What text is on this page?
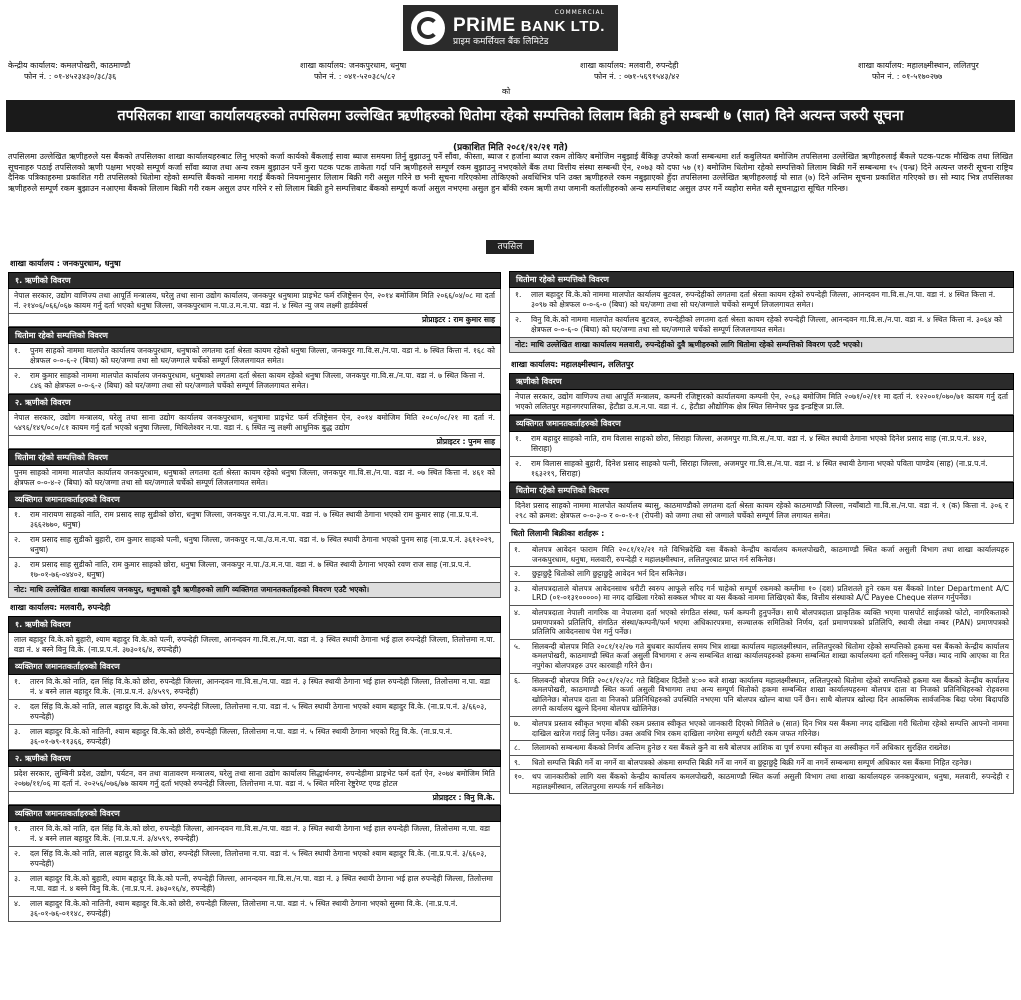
COMMERCIAL
PRiME BANK LTD.
प्राइम कमर्सियल बैंक लिमिटेड
केन्द्रीय कार्यालय: कमलपोखरी, काठमाण्डौ
फोन नं. : ०१-४५२३४३०/३८/३६
शाखा कार्यालय: जनकपुरधाम, धनुषा
फोन नं. : ०४१-५२०३८५/८२
शाखा कार्यालय: मलवारी, रुपन्देही
फोन नं. : ०७१-५६९१५४३/४२
शाखा कार्यालय: महालक्ष्मीस्थान, ललितपुर
फोन नं. : ०१-५१७०२७७
को
तपसिलका शाखा कार्यालयहरुको तपसिलमा उल्लेखित ऋणीहरुको धितोमा रहेको सम्पत्तिको लिलाम बिक्री हुने सम्बन्धी ७ (सात) दिने अत्यन्त जरुरी सूचना
(प्रकाशित मिति २०८१/१२/२१ गते)
तपसिलमा उल्लेखित ऋणीहरुले यस बैंकको तपसिलका शाखा कार्यालयहरुबाट लिनु भएको कर्जा कार्यको बैंकलाई सावा ब्याज समयमा तिर्नु बुझाउनु पर्ने सौंवा, कीस्ता, ब्याज र हर्जाना ब्याज रकम तोकिए बमोजिम नबुझाई बैंकिङ्ग उपरेको कर्जा सम्बन्धमा शर्त कबुलियत बमोजिम तपसिलमा उल्लेखित ऋणीहरुलाई बैंकले पटक-पटक मौखिक तथा लिखित सूचनाहरु पठाई तपसिलको ऋणी पक्षमा भएको सम्पूर्ण कर्जा साँवा ब्याज तथा अन्य रकम बुझाउन पर्ने कुरा पटक पटक ताकेता गर्दा पनि ऋणीहरुले सम्पूर्ण रकम बुझाउनु नभएकोले बैंक तथा वित्तीय संस्था सम्बन्धी ऐन, २०७३ को दफा ५७ (१) बमोजिम धितोमा रहेको सम्पत्तिको लिलाम बिक्री गर्ने सम्बन्धमा १५ (पन्ध्र) दिने अत्यन्त जरुरी सूचना राष्ट्रिय दैनिक पत्रिकाहरुमा प्रकाशित गरी तपसिलको धितोमा रहेको सम्पत्ति बैंकको नाममा गराई बैंकको नियमानुसार लिलाम बिक्री गरी असुल गरिने छ भनी सूचना गरिएकोमा तोकिएको अवधिभित्र पनि उक्त ऋणीहरुले रकम नबुझाएको हुँदा तपसिलमा उल्लेखित ऋणीहरुलाई यो सात (७) दिने अन्तिम सूचना प्रकाशित गरिएको छ। सो म्याद भित्र तपसिलका ऋणीहरुले सम्पूर्ण रकम बुझाउन नआएमा बैंकको लिलाम बिक्री गरी रकम असुल उपर गरिने र सो लिलाम बिक्री हुने सम्पत्तिबाट बैंकको सम्पूर्ण कर्जा असुल नभएमा असुल हुन बाँकी रकम ऋणी तथा जमानी कर्तालीहरुको अन्य सम्पत्तिबाट असुल उपर गर्ने व्यहोरा समेत यसै सूचनाद्वारा सूचित गरिन्छ।
तपसिल
शाखा कार्यालय : जनकपुरधाम, धनुषा
१. ऋणीको विवरण
नेपाल सरकार, उद्योग वाणिज्य तथा आपूर्ति मन्त्रालय, घरेलु तथा साना उद्योग कार्यालय, जनकपुर धनुषामा प्राइभेट फर्म रजिष्ट्रेसन ऐन, २०१४ बमोजिम मिति २०६६/०४/०८ मा दर्ता नं. २१४०६/०६६/०६७ कायम गर्नु दर्ता भएको धनुषा जिल्ला, जनकपुरधाम न.पा.उ.म.न.पा. वडा नं. ४ स्थित न्यु जय लक्ष्मी हार्डवेयर्स
प्रोप्राइटर : राम कुमार साह
धितोमा रहेको सम्पत्तिको विवरण
१.	पुनम साहको नाममा मालपोत कार्यालय जनकपुरधाम, धनुषाको लगतमा दर्ता श्रेस्ता कायम रहेको धनुषा जिल्ला, जनकपुर गा.वि.स./न.पा. वडा नं. ७ स्थित कित्ता नं. १६८ को क्षेत्रफल ०-०-६-२ (बिघा) को घर/जग्गा तथा सो घर/जग्गाले चर्चेको सम्पूर्ण लिजलगायत समेत।
२.	राम कुमार साहको नाममा मालपोत कार्यालय जनकपुरधाम, धनुषाको लगतमा दर्ता श्रेस्ता कायम रहेको धनुषा जिल्ला, जनकपुर गा.वि.स./न.पा. वडा नं. ७ स्थित कित्ता नं. ८४६ को क्षेत्रफल ०-०-६-२ (बिघा) को घर/जग्गा तथा सो घर/जग्गाले चर्चेको सम्पूर्ण लिजलगायत समेत।
२. ऋणीको विवरण
नेपाल सरकार, उद्योग मन्त्रालय, घरेलु तथा साना उद्योग कार्यालय जनकपुरधाम, धनुषामा प्राइभेट फर्म रजिष्ट्रेसन ऐन, २०१४ बमोजिम मिति २०८०/०८/२१ मा दर्ता नं. ५४९६/१४९/०८०/८१ कायम गर्नु दर्ता भएको धनुषा जिल्ला, मिथिलेश्वर न.पा. वडा नं. ६ स्थित न्यु लक्ष्मी आधुनिक बुद्ध उद्योग
प्रोप्राइटर : पुनम साह
धितोमा रहेको सम्पत्तिको विवरण
पुनम साहको नाममा मालपोत कार्यालय जनकपुरधाम, धनुषाको लगतमा दर्ता श्रेस्ता कायम रहेको धनुषा जिल्ला, जनकपुर गा.वि.स./न.पा. वडा नं. ०७ स्थित कित्ता नं. ४६१ को क्षेत्रफल ०-०-४-२ (बिघा) को घर/जग्गा तथा सो घर/जग्गाले चर्चेको सम्पूर्ण लिजलगायत समेत।
व्यक्तिगत जमानतकर्ताहरुको विवरण
१.	राम नारायण साहको नाति, राम प्रसाद साह सुडीको छोरा, धनुषा जिल्ला, जनकपुर न.पा./उ.म.न.पा. वडा नं. ७ स्थित स्थायी ठेगाना भएको राम कुमार साह (ना.प्र.प.नं. ३६६२७७०, धनुषा)
२.	राम प्रसाद साह सुडीको बुहारी, राम कुमार साहको पत्नी, धनुषा जिल्ला, जनकपुर न.पा./उ.म.न.पा. वडा नं. ७ स्थित स्थायी ठेगाना भएको पुनम साह (ना.प्र.प.नं. ३६१२०२९, धनुषा)
३.	राम प्रसाद साह सुडीको नाति, राम कुमार साहको छोरा, धनुषा जिल्ला, जनकपुर न.पा./उ.म.न.पा. वडा नं. ७ स्थित स्थायी ठेगाना भएको रवण राज साह (ना.प्र.प.नं. १७-०१-७६-०४४०२, धनुषा)
नोट: माथि उल्लेखित शाखा कार्यालय जनकपुर, धनुषाको दुवै ऋणीहरुको लागि व्यक्तिगत जमानतकर्ताहरुको विवरण एउटै भएको।
शाखा कार्यालय: मलवारी, रुपन्देही
१. ऋणीको विवरण
लाल बहादुर वि.के.को बुहारी, श्याम बहादुर वि.के.को पत्नी, रुपन्देही जिल्ला, आनन्दवन गा.वि.स./न.पा. वडा नं. ३ स्थित स्थायी ठेगाना भई हाल रुपन्देही जिल्ला, तिलोत्तमा न.पा. वडा नं. ४ बस्ने विनु वि.के. (ना.प्र.प.नं. ३७३०१६/४, रुपन्देही)
व्यक्तिगत जमानतकर्ताहरुको विवरण
१.	तारन वि.के.को नाति, दल सिंह वि.के.को छोरा, रुपन्देही जिल्ला, आनन्दवन गा.वि.स./न.पा. वडा नं. ३ स्थित स्थायी ठेगाना भई हाल रुपन्देही जिल्ला, तिलोत्तमा न.पा. वडा नं. ४ बस्ने लाल बहादुर वि.के. (ना.प्र.प.नं. ३/४५९९, रुपन्देही)
२.	दल सिंह वि.के.को नाति, लाल बहादुर वि.के.को छोरा, रुपन्देही जिल्ला, तिलोत्तमा न.पा. वडा नं. ५ स्थित स्थायी ठेगाना भएको श्याम बहादुर वि.के. (ना.प्र.प.नं. ३/६६०३, रुपन्देही)
३.	लाल बहादुर वि.के.को नातिनी, श्याम बहादुर वि.के.को छोरी, रुपन्देही जिल्ला, तिलोत्तमा न.पा. वडा नं. ५ स्थित स्थायी ठेगाना भएको रितु वि.के. (ना.प्र.प.नं. ३६-०१-७९-११३६६, रुपन्देही)
२. ऋणीको विवरण
प्रदेश सरकार, लुम्बिनी प्रदेश, उद्योग, पर्यटन, वन तथा वातावरण मन्त्रालय, घरेलु तथा साना उद्योग कार्यालय सिद्धार्थनगर, रुपन्देहीमा प्राइभेट फर्म दर्ता ऐन, २०७४ बमोजिम मिति २०७७/११/०६ मा दर्ता नं. २०२५६/०७६/७७ कायम गर्नु दर्ता भएको रुपन्देही जिल्ला, तिलोत्तमा न.पा. वडा नं. ५ स्थित मरिना रेष्टुरेण्ट एण्ड होटल
प्रोप्राइटर : विनु वि.के.
व्यक्तिगत जमानतकर्ताहरुको विवरण
१.	तारन वि.के.को नाति, दल सिंह वि.के.को छोरा, रुपन्देही जिल्ला, आनन्दवन गा.वि.स./न.पा. वडा नं. ३ स्थित स्थायी ठेगाना भई हाल रुपन्देही जिल्ला, तिलोत्तमा न.पा. वडा नं. ४ बस्ने लाल बहादुर वि.के. (ना.प्र.प.नं. ३/४५९९, रुपन्देही)
२.	दल सिंह वि.के.को नाति, लाल बहादुर वि.के.को छोरा, रुपन्देही जिल्ला, तिलोत्तमा न.पा. वडा नं. ५ स्थित स्थायी ठेगाना भएको श्याम बहादुर वि.के. (ना.प्र.प.नं. ३/६६०३, रुपन्देही)
३.	लाल बहादुर वि.के.को बुहारी, श्याम बहादुर वि.के.को पत्नी, रुपन्देही जिल्ला, आनन्दवन गा.वि.स./न.पा. वडा नं. ३ स्थित स्थायी ठेगाना भई हाल रुपन्देही जिल्ला, तिलोत्तमा न.पा. वडा नं. ४ बस्ने विनु वि.के. (ना.प्र.प.नं. ३७३०१६/४, रुपन्देही)
४.	लाल बहादुर वि.के.को नातिनी, श्याम बहादुर वि.के.को छोरी, रुपन्देही जिल्ला, तिलोत्तमा न.पा. वडा नं. ५ स्थित स्थायी ठेगाना भएको सुस्मा वि.के. (ना.प्र.प.नं. ३६-०१-७६-०११४८, रुपन्देही)
धितोमा रहेको सम्पत्तिको विवरण
१.	लाल बहादुर वि.के.को नाममा मालपोत कार्यालय बुटवल, रुपन्देहीको लगतमा दर्ता श्रेस्ता कायम रहेको रुपन्देही जिल्ला, आनन्दवन गा.वि.स./न.पा. वडा नं. ४ स्थित कित्ता नं. ३०९७ को क्षेत्रफल ०-०-६-० (बिघा) को घर/जग्गा तथा सो घर/जग्गाले चर्चेको सम्पूर्ण लिजलगायत समेत।
२.	विनु वि.के.को नाममा मालपोत कार्यालय बुटवल, रुपन्देहीको लगतमा दर्ता श्रेस्ता कायम रहेको रुपन्देही जिल्ला, आनन्दवन गा.वि.स./न.पा. वडा नं. ४ स्थित कित्ता नं. ३०६४ को क्षेत्रफल ०-०-६-० (बिघा) को घर/जग्गा तथा सो घर/जग्गाले चर्चेको सम्पूर्ण लिजलगायत समेत।
नोट: माथि उल्लेखित शाखा कार्यालय मलवारी, रुपन्देहीको दुवै ऋणीहरुको लागि धितोमा रहेको सम्पत्तिको विवरण एउटै भएको।
शाखा कार्यालय: महालक्ष्मीस्थान, ललितपुर
ऋणीको विवरण
नेपाल सरकार, उद्योग वाणिज्य तथा आपूर्ति मन्त्रालय, कम्पनी रजिष्ट्रारको कार्यालयमा कम्पनी ऐन, २०६३ बमोजिम मिति २०७१/०२/११ मा दर्ता नं. १२२००१/०७०/७१ कायम गर्नु दर्ता भएको ललितपुर महानगरपालिका, हेटौडा उ.म.न.पा. वडा नं. ८, हेटौडा औद्योगिक क्षेत्र स्थित सिग्नेचर फुड इन्डष्ट्रिज प्रा.लि.
व्यक्तिगत जमानतकर्ताहरुको विवरण
१.	राम बहादुर साहको नाति, राम विलास साहको छोरा, सिराहा जिल्ला, अजमपुर गा.वि.स./न.पा. वडा नं. ४ स्थित स्थायी ठेगाना भएको दिनेश प्रसाद साह (ना.प्र.प.नं. ४४२, सिराहा)
२.	राम विलास साहको बुहारी, दिनेश प्रसाद साहको पत्नी, सिराहा जिल्ला, अजमपुर गा.वि.स./न.पा. वडा नं. ४ स्थित स्थायी ठेगाना भएको पविता पाण्डेय (साह) (ना.प्र.प.नं. १६३२१९, सिराहा)
धितोमा रहेको सम्पत्तिको विवरण
दिनेश प्रसाद साहको नाममा मालपोत कार्यालय ब्यासु, काठमाण्डौको लगतमा दर्ता श्रेस्ता कायम रहेको काठमाण्डौ जिल्ला, नयाँबाटो गा.वि.स./न.पा. वडा नं. १ (क) कित्ता नं. ३०६ र २९८ को क्रमश: क्षेत्रफल ०-०-३-० र ०-०-१-१ (रोपनी) को जग्गा तथा सो जग्गाले चर्चेको सम्पूर्ण लिज लगायत समेत।
धितो लिलामी बिक्रीका शर्तहरू :
१.	बोलपत्र आवेदन फाराम मिति २०८१/१२/२१ गते विभिन्नदेखि यस बैंकको केन्द्रीय कार्यालय कमलपोखरी, काठमाण्डौ स्थित कर्जा असुली विभाग तथा शाखा कार्यालयहरु जनकपुरधाम, धनुषा, मलवारी, रुपन्देही र महालक्ष्मीस्थान, ललितपुरबाट प्राप्त गर्न सकिनेछ।
२.	छुट्टाछुट्टै धितोको लागि छुट्टाछुट्टै आवेदन भर्न दिन सकिनेछ।
३.	बोलपत्रदाताले बोलपत्र आवेदनसाथ धरौटी स्वरुप आफूले सरिद गर्न चाहेको सम्पूर्ण रकमको कम्तीमा १० (दश) प्रतिशतले हुने रकम यस बैंकको Inter Department A/C LRD (०१-०१३१०००००) मा नगद दाखिला गरेको सक्कल भौचर वा यस बैंकको नाममा लिखिएको बैंक, वित्तीय संस्थाको A/C Payee Cheque संलग्न गर्नुपर्नेछ।
४.	बोलपत्रदाता नेपाली नागरिक वा नेपालमा दर्ता भएको संगठित संस्था, फर्म कम्पनी हुनुपर्नेछ। साथै बोलपत्रदाता प्राकृतिक व्यक्ति भएमा पासपोर्ट साईजको फोटो, नागरिकताको प्रमाणपत्रको प्रतिलिपि, संगठित संस्था/कम्पनी/फर्म भएमा अधिकारपत्रमा, सञ्चालक समितिको निर्णय, दर्ता प्रमाणपत्रको प्रतिलिपि, स्थायी लेखा नम्बर (PAN) प्रमाणपत्रको प्रतिलिपि आवेदनसाथ पेश गर्नु पर्नेछ।
५.	सिलबन्दी बोलपत्र मिति २०८१/१२/२७ गते बुधबार कार्यालय समय भित्र शाखा कार्यालय महालक्ष्मीस्थान, ललितपुरको धितोमा रहेको सम्पत्तिको हकमा यस बैंकको केन्द्रीय कार्यालय कमलपोखरी, काठमाण्डौ स्थित कर्जा असुली विभागमा र अन्य सम्बन्धित शाखा कार्यालयहरुको हकमा सम्बन्धित शाखा कार्यालयमा दर्ता गरिसक्नु पर्नेछ। म्याद नाघि आएका वा रित नपुगेका बोलपत्रहरु उपर कारवाही गरिने छैन।
६.	सिलबन्दी बोलपत्र मिति २०८१/१२/२८ गते बिहिबार दिउँसो ४:०० बजे शाखा कार्यालय महालक्ष्मीस्थान, ललितपुरको धितोमा रहेको सम्पत्तिको हकमा यस बैंकको केन्द्रीय कार्यालय कमलपोखरी, काठमाण्डौ स्थित कर्जा असुली विभागमा तथा अन्य सम्पूर्ण धितोको हकमा सम्बन्धित शाखा कार्यालयहरुमा बोलपत्र दाता वा निजको प्रतिनिधिहरुको रोहवरमा खोलिनेछ। बोलपत्र दाता वा निजको प्रतिनिधिहरुको उपस्थिति नभएमा पनि बोलपत्र खोल्न बाधा पर्ने छैन। साथै बोलपत्र खोल्दा दिन आकस्मिक सार्वजनिक बिदा परेमा बिदापछि लगत्तै कार्यालय खुल्ने दिनमा बोलपत्र खोलिनेछ।
७.	बोलपत्र प्रस्ताव स्वीकृत भएमा बाँकी रकम प्रस्ताव स्वीकृत भएको जानकारी दिएको मितिले ७ (सात) दिन भित्र यस बैंकमा नगद दाखिला गरी धितोमा रहेको सम्पत्ति आफ्नो नाममा दाखिल खारेज गराई लिनु पर्नेछ। उक्त अवधि भित्र रकम दाखिला नगरेमा सम्पूर्ण धरौटी रकम जफत गरिनेछ।
८.	लिलामको सम्बन्धमा बैंकको निर्णय अन्तिम हुनेछ र यस बैंकले कुनै वा सबै बोलपत्र आंशिक वा पूर्ण रुपमा स्वीकृत वा अस्वीकृत गर्ने अधिकार सुरक्षित राख्नेछ।
९.	धितो सम्पत्ति बिक्री गर्ने वा नगर्ने वा बोलपत्रको अंकमा सम्पत्ति बिक्री गर्ने वा नगर्ने वा छुट्टाछुट्टै बिक्री गर्ने वा नगर्ने सम्बन्धमा सम्पूर्ण अधिकार यस बैंकमा निहित रहनेछ।
१०.	थप जानकारीको लागि यस बैंकको केन्द्रीय कार्यालय कमलपोखरी, काठमाण्डौ स्थित कर्जा असुली विभाग तथा शाखा कार्यालयहरु जनकपुरधाम, धनुषा, मलवारी, रुपन्देही र महालक्ष्मीस्थान, ललितपुरमा सम्पर्क गर्न सकिनेछ।
